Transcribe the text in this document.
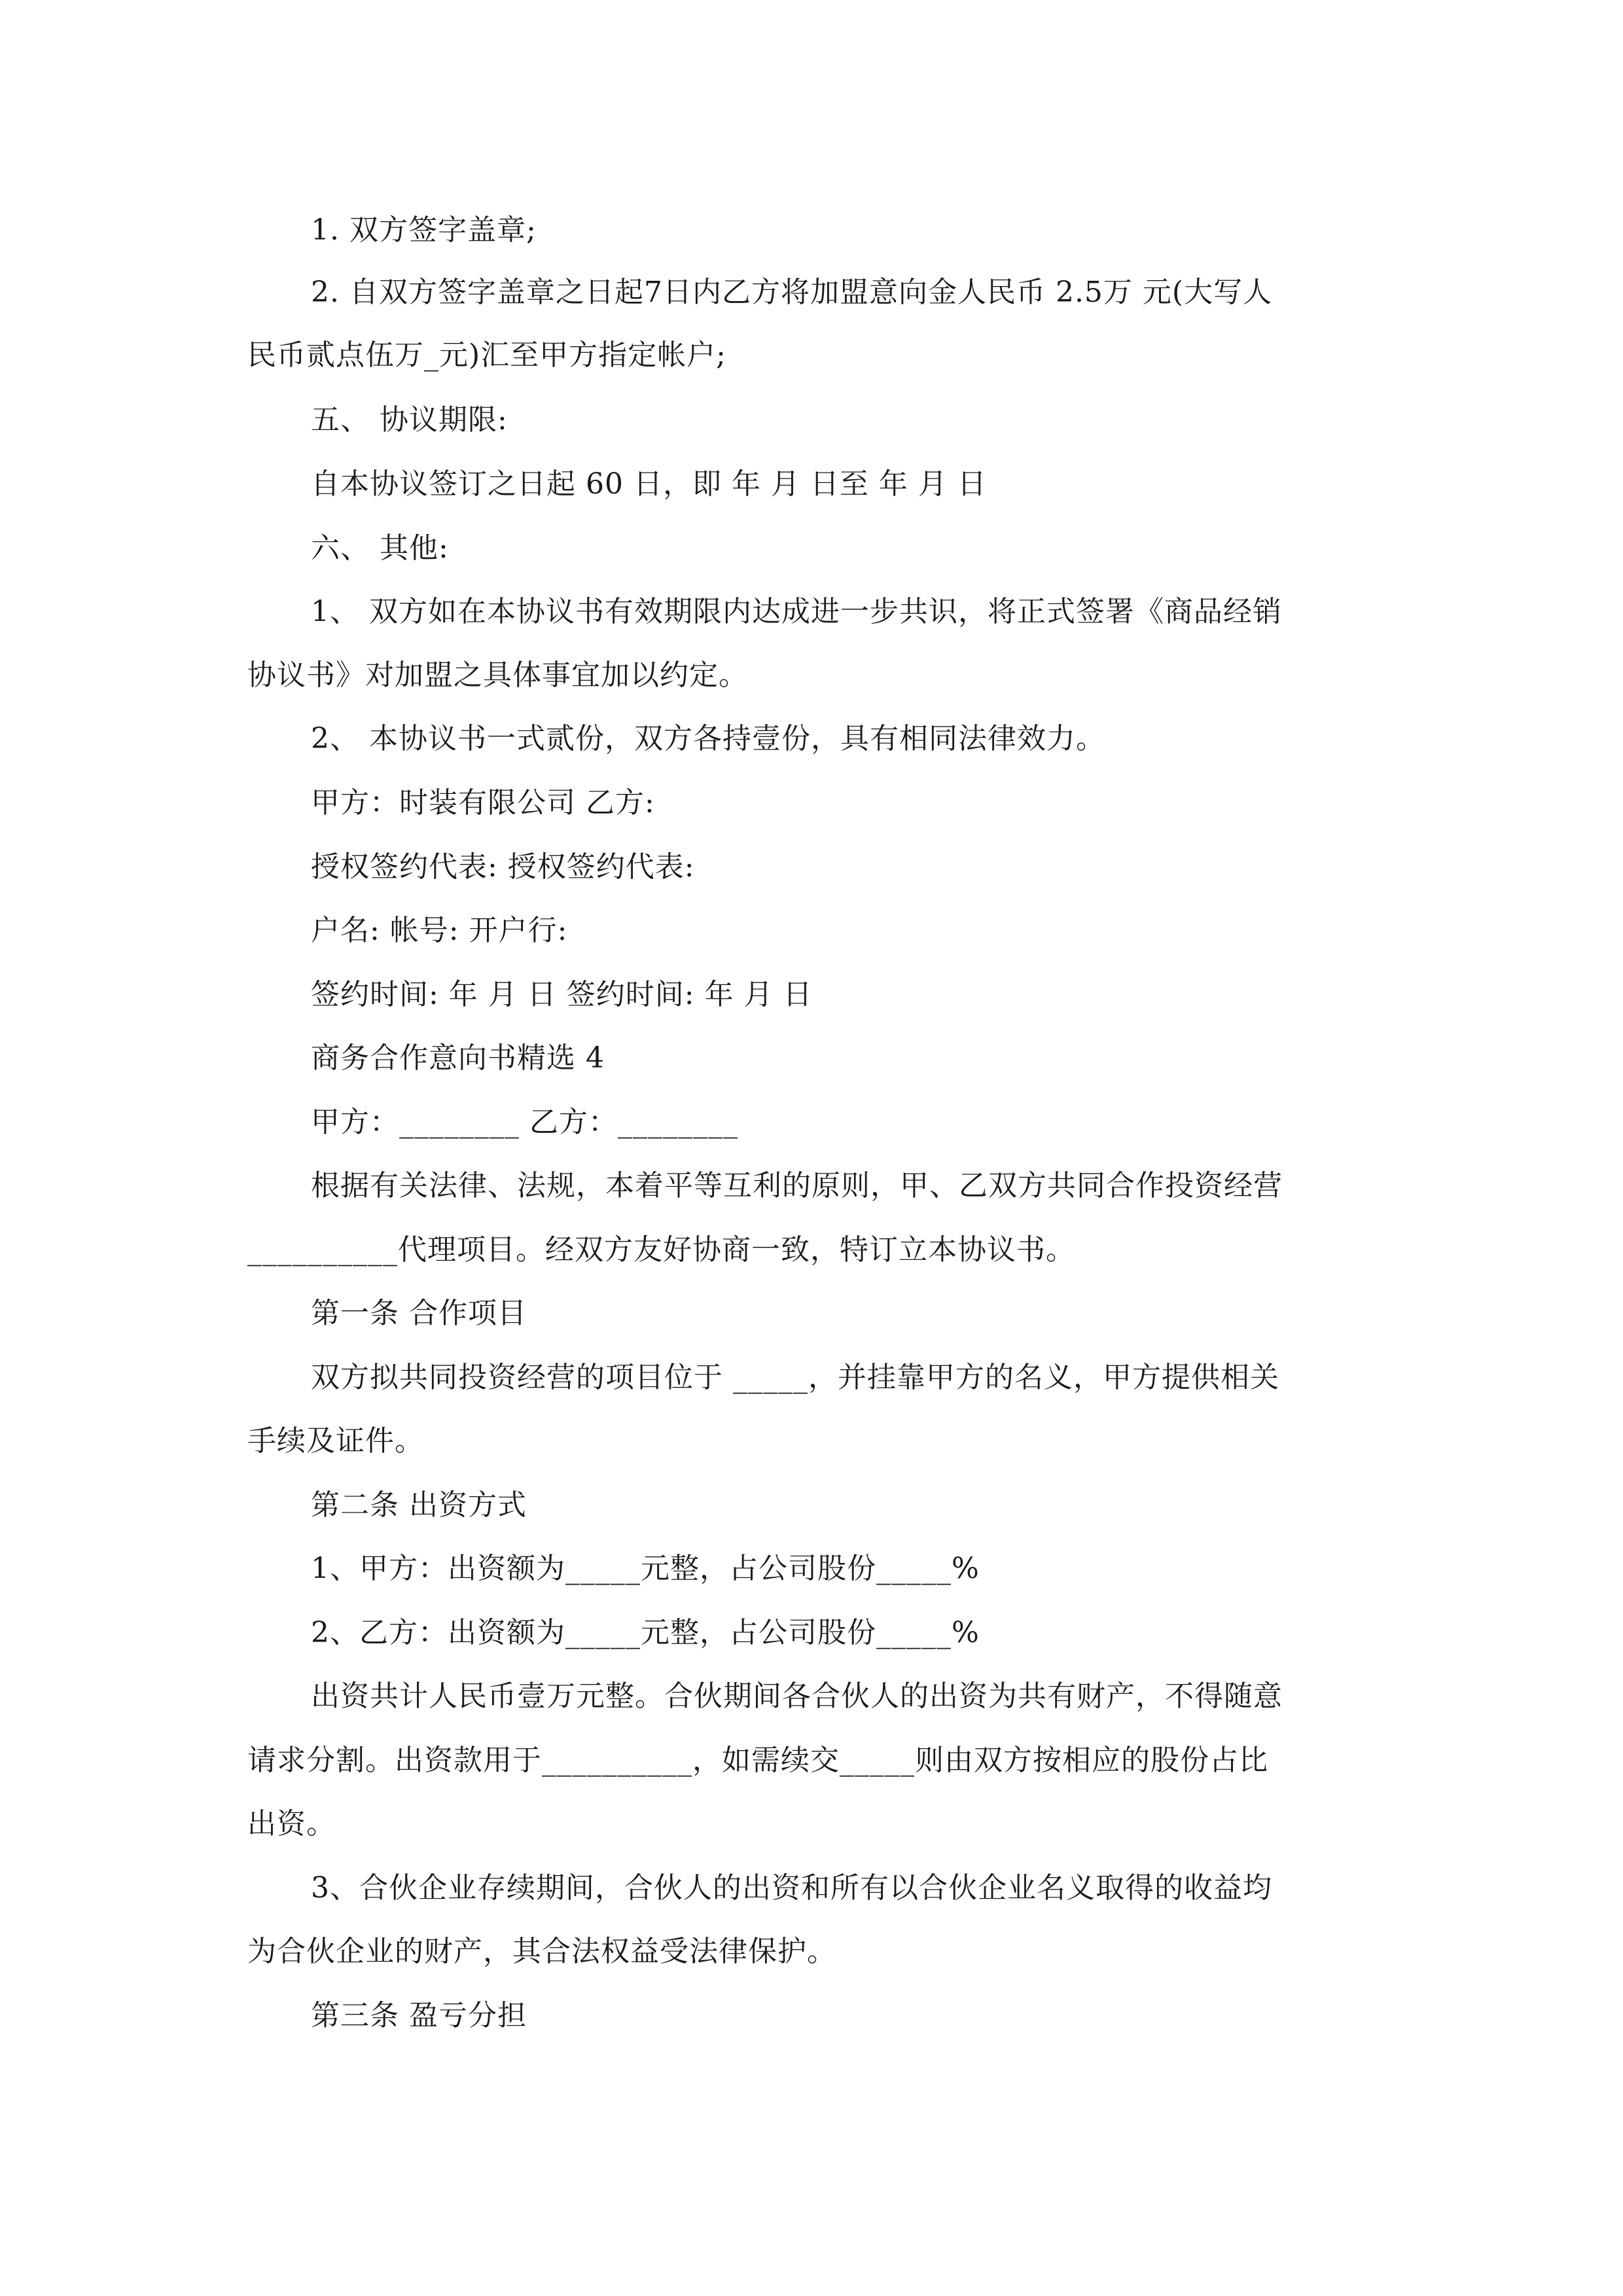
1. 双方签字盖章;
2. 自双方签字盖章之日起7日内乙方将加盟意向金人民币 2.5万 元(大写人
民币贰点伍万_元)汇至甲方指定帐户;
五、 协议期限:
自本协议签订之日起 60 日，即 年 月 日至 年 月 日
六、 其他:
1、 双方如在本协议书有效期限内达成进一步共识，将正式签署《商品经销
协议书》对加盟之具体事宜加以约定。
2、 本协议书一式贰份，双方各持壹份，具有相同法律效力。
甲方：时装有限公司 乙方:
授权签约代表: 授权签约代表:
户名: 帐号: 开户行:
签约时间: 年 月 日 签约时间: 年 月 日
商务合作意向书精选 4
甲方：________ 乙方：________
根据有关法律、法规，本着平等互利的原则，甲、乙双方共同合作投资经营
__________代理项目。经双方友好协商一致，特订立本协议书。
第一条 合作项目
双方拟共同投资经营的项目位于 _____，并挂靠甲方的名义，甲方提供相关
手续及证件。
第二条 出资方式
1、甲方：出资额为_____元整，占公司股份_____%
2、乙方：出资额为_____元整，占公司股份_____%
出资共计人民币壹万元整。合伙期间各合伙人的出资为共有财产，不得随意
请求分割。出资款用于__________，如需续交_____则由双方按相应的股份占比
出资。
3、合伙企业存续期间，合伙人的出资和所有以合伙企业名义取得的收益均
为合伙企业的财产，其合法权益受法律保护。
第三条 盈亏分担
